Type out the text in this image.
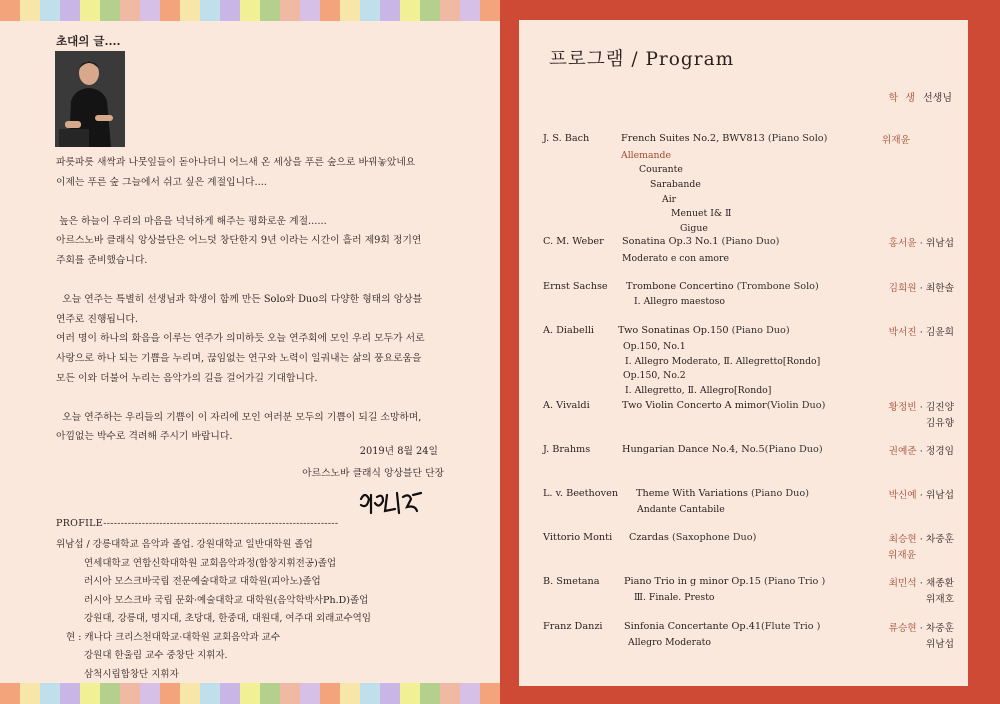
초대의 글....

파릇파릇 새싹과 나뭇잎들이 돋아나더니 어느새 온 세상을 푸른 숲으로 바꿔놓았네요

이제는 푸른 숲 그늘에서 쉬고 싶은 계절입니다....

높은 하늘이 우리의 마음을 넉넉하게 해주는 평화로운 계절......

아르스노바 클래식 앙상블단은 어느덧 창단한지 9년 이라는 시간이 흘러 제9회 정기연

주회를 준비했습니다.

오늘 연주는 특별히 선생님과 학생이 함께 만든 Solo와 Duo의 다양한 형태의 앙상블

연주로 진행됩니다.

여러 명이 하나의 화음을 이루는 연주가 의미하듯 오늘 연주회에 모인 우리 모두가 서로

사랑으로 하나 되는 기쁨을 누리며, 끊임없는 연구와 노력이 일궈내는 삶의 풍요로움을

모든 이와 더불어 누리는 음악가의 길을 걸어가길 기대합니다.

오늘 연주하는 우리들의 기쁨이 이 자리에 모인 여러분 모두의 기쁨이 되길 소망하며,

아낌없는 박수로 격려해 주시기 바랍니다.

2019년 8월 24일
아르스노바 클래식 앙상블단 단장
PROFILE-------------------------------------------------------------------
위남섭 / 강릉대학교 음악과 졸업. 강원대학교 일반대학원 졸업
연세대학교 연합신학대학원 교회음악과정(합창지휘전공)졸업
러시아 모스크바국립 전문예술대학교 대학원(피아노)졸업
러시아 모스크바 국립 문화·예술대학교 대학원(음악학박사Ph.D)졸업
강원대, 강릉대, 명지대, 초당대, 한중대, 대원대, 여주대 외래교수역임
현 : 캐나다 크리스천대학교·대학원 교회음악과 교수
강원대 한울림 교수 중창단 지휘자.
삼척시립합창단 지휘자
프로그램 / Program
학 생 선생님
J. S. Bach	French Suites No.2, BWV813 (Piano Solo)	위재윤
Allemande
Courante
Sarabande
Air
Menuet Ⅰ& Ⅱ
Gigue
C. M. Weber Sonatina Op.3 No.1 (Piano Duo)	홍서윤 · 위남섭
Moderato e con amore
Ernst Sachse Trombone Concertino (Trombone Solo)	김희원 · 최한솔
Ⅰ. Allegro maestoso
A. Diabelli Two Sonatinas Op.150 (Piano Duo)	박서진 · 김윤희
Op.150, No.1
Ⅰ. Allegro Moderato, Ⅱ. Allegretto[Rondo]
Op.150, No.2
Ⅰ. Allegretto, Ⅱ. Allegro[Rondo]
A. Vivaldi	Two Violin Concerto A mimor(Violin Duo)	황정빈 · 김진양
김유향
J. Brahms	Hungarian Dance No.4, No.5(Piano Duo)	권예준 · 정경임
L. v. Beethoven Theme With Variations (Piano Duo)	박신예 · 위남섭
Andante Cantabile
Vittorio Monti Czardas (Saxophone Duo)	최승현 · 차중훈
위재윤
B. Smetana	Piano Trio in g minor Op.15 (Piano Trio )	최민석 · 채종환
위재호
Ⅲ. Finale. Presto
Franz Danzi Sinfonia Concertante Op.41(Flute Trio )	류승현 · 차중훈
위남섭
Allegro Moderato
